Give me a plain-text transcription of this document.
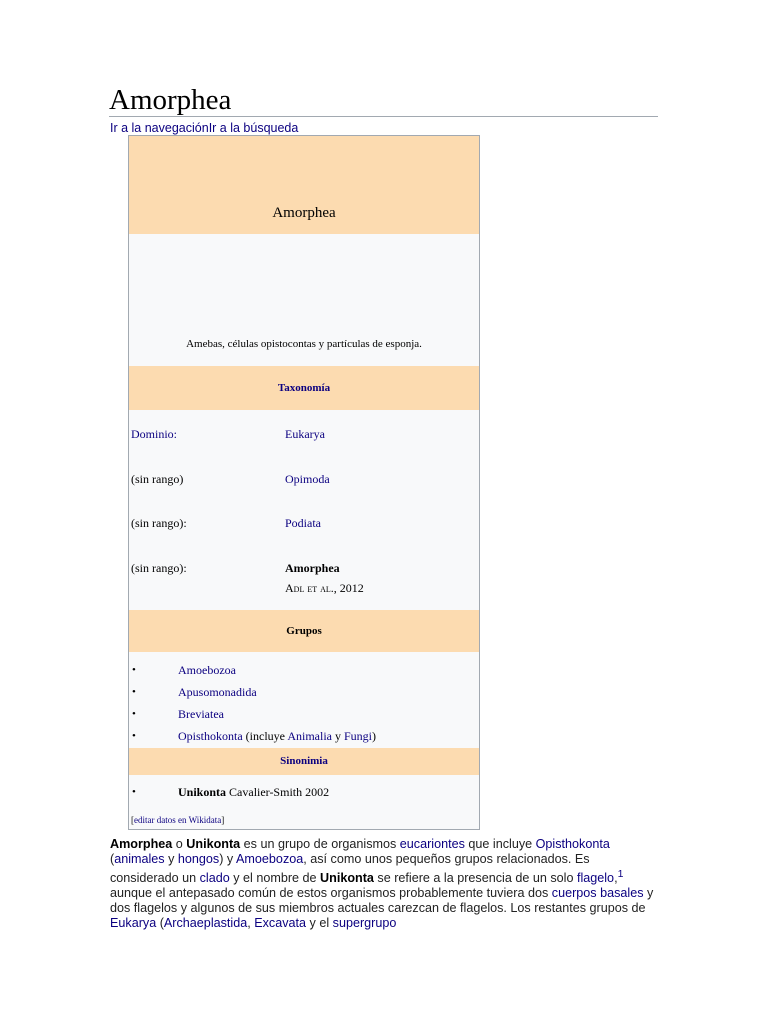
Amorphea
Ir a la navegaciónIr a la búsqueda
Amorphea
Amebas, células opistocontas y partículas de esponja.
Taxonomía
Dominio:	Eukarya
(sin rango)	Opimoda
(sin rango):	Podiata
(sin rango):	Amorphea
Adl et al., 2012
Grupos
•	Amoebozoa
•	Apusomonadida
•	Breviatea
•	Opisthokonta (incluye Animalia y Fungi)
Sinonimia
•	Unikonta Cavalier-Smith 2002
[editar datos en Wikidata]
Amorphea o Unikonta es un grupo de organismos eucariontes que incluye Opisthokonta (animales y hongos) y Amoebozoa, así como unos pequeños grupos relacionados. Es considerado un clado y el nombre de Unikonta se refiere a la presencia de un solo flagelo,$^1$ aunque el antepasado común de estos organismos probablemente tuviera dos cuerpos basales y dos flagelos y algunos de sus miembros actuales carezcan de flagelos. Los restantes grupos de Eukarya (Archaeplastida, Excavata y el supergrupo
